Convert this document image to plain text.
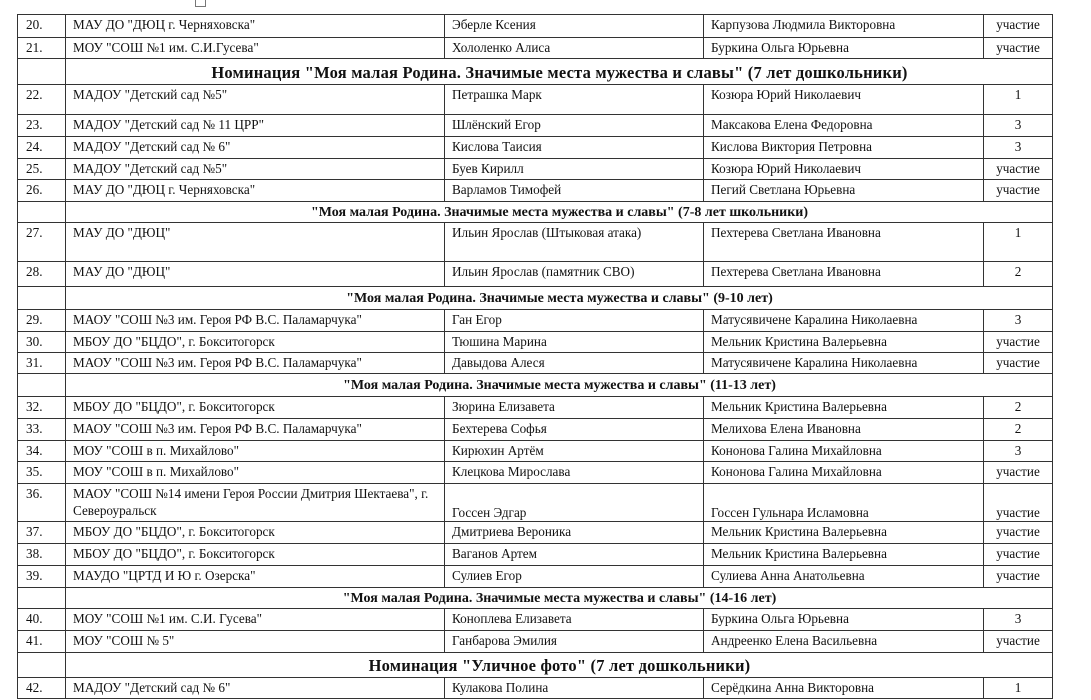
20.	МАУ ДО "ДЮЦ г. Черняховска"	Эберле Ксения	Карпузова Людмила Викторовна	участие
21.	МОУ "СОШ №1 им. С.И.Гусева"	Хололенко Алиса	Буркина Ольга Юрьевна	участие
	Номинация "Моя малая Родина. Значимые места мужества и славы" (7 лет дошкольники)			
22.	МАДОУ "Детский сад №5"	Петрашка Марк	Козюра Юрий Николаевич	1
23.	МАДОУ "Детский сад № 11 ЦРР"	Шлёнский Егор	Максакова Елена Федоровна	3
24.	МАДОУ "Детский сад № 6"	Кислова Таисия	Кислова Виктория Петровна	3
25.	МАДОУ "Детский сад №5"	Буев Кирилл	Козюра Юрий Николаевич	участие
26.	МАУ ДО "ДЮЦ г. Черняховска"	Варламов Тимофей	Пегий Светлана Юрьевна	участие
	"Моя малая Родина. Значимые места мужества и славы" (7-8 лет школьники)			
27.	МАУ ДО "ДЮЦ"	Ильин Ярослав (Штыковая атака)	Пехтерева Светлана Ивановна	1
28.	МАУ ДО "ДЮЦ"	Ильин Ярослав (памятник СВО)	Пехтерева Светлана Ивановна	2
	"Моя малая Родина. Значимые места мужества и славы" (9-10 лет)			
29.	МАОУ "СОШ №3 им. Героя РФ В.С. Паламарчука"	Ган Егор	Матусявичене Каралина Николаевна	3
30.	МБОУ ДО "БЦДО", г. Бокситогорск	Тюшина Марина	Мельник Кристина Валерьевна	участие
31.	МАОУ "СОШ №3 им. Героя РФ В.С. Паламарчука"	Давыдова Алеся	Матусявичене Каралина Николаевна	участие
	"Моя малая Родина. Значимые места мужества и славы" (11-13 лет)			
32.	МБОУ ДО "БЦДО", г. Бокситогорск	Зюрина Елизавета	Мельник Кристина Валерьевна	2
33.	МАОУ "СОШ №3 им. Героя РФ В.С. Паламарчука"	Бехтерева Софья	Мелихова Елена Ивановна	2
34.	МОУ "СОШ в п. Михайлово"	Кирюхин Артём	Кононова Галина Михайловна	3
35.	МОУ "СОШ в п. Михайлово"	Клецкова Мирослава	Кононова Галина Михайловна	участие
36.	МАОУ "СОШ №14 имени Героя России Дмитрия Шектаева", г. Североуральск	Госсен Эдгар	Госсен Гульнара Исламовна	участие
37.	МБОУ ДО "БЦДО", г. Бокситогорск	Дмитриева Вероника	Мельник Кристина Валерьевна	участие
38.	МБОУ ДО "БЦДО", г. Бокситогорск	Ваганов Артем	Мельник Кристина Валерьевна	участие
39.	МАУДО "ЦРТД И Ю г. Озерска"	Сулиев Егор	Сулиева Анна Анатольевна	участие
	"Моя малая Родина. Значимые места мужества и славы" (14-16 лет)			
40.	МОУ "СОШ №1 им. С.И. Гусева"	Коноплева Елизавета	Буркина Ольга Юрьевна	3
41.	МОУ "СОШ № 5"	Ганбарова Эмилия	Андреенко Елена Васильевна	участие
	Номинация "Уличное фото" (7 лет дошкольники)			
42.	МАДОУ "Детский сад № 6"	Кулакова Полина	Серёдкина Анна Викторовна	1
